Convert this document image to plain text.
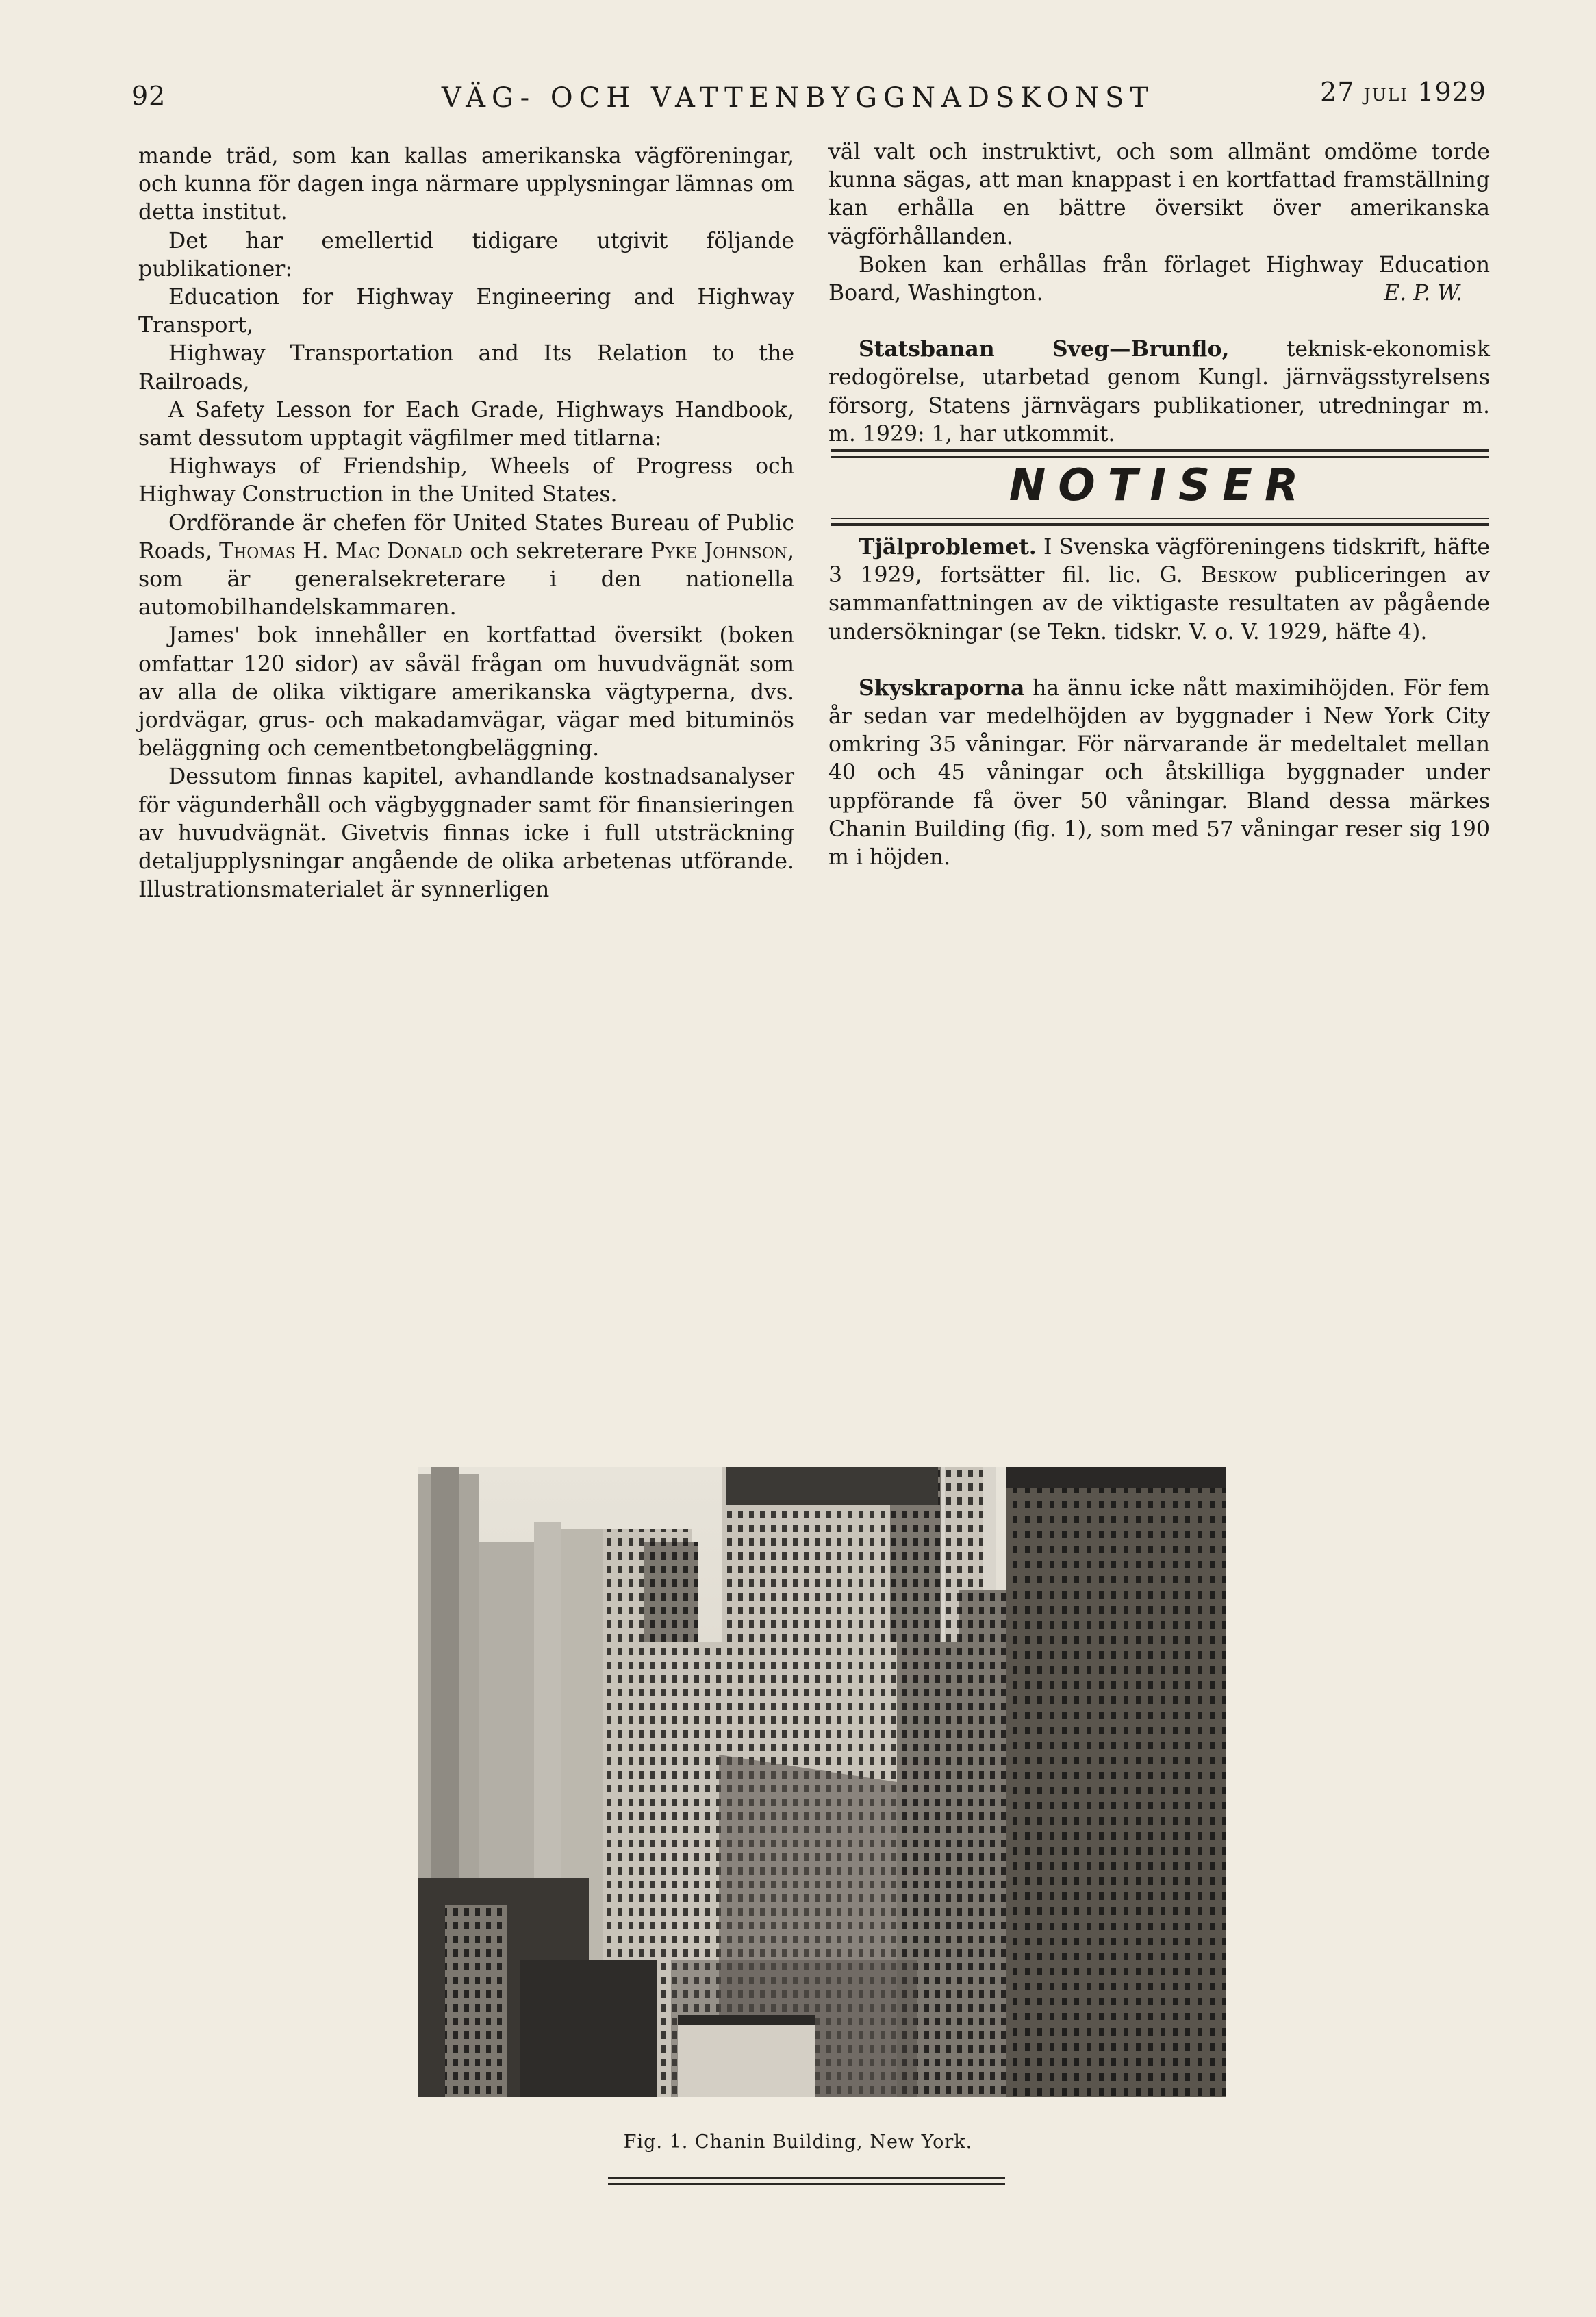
VÄG- OCH VATTENBYGGNADSKONST
92	27 juli 1929

mande träd, som kan kallas amerikanska vägföreningar, och kunna för dagen inga närmare upplysningar lämnas om detta institut.

Det har emellertid tidigare utgivit följande publikationer:

Education for Highway Engineering and Highway Transport,

Highway Transportation and Its Relation to the Railroads,

A Safety Lesson for Each Grade, Highways Handbook, samt dessutom upptagit vägfilmer med titlarna:

Highways of Friendship, Wheels of Progress och Highway Construction in the United States.

Ordförande är chefen för United States Bureau of Public Roads, Thomas H. Mac Donald och sekreterare Pyke Johnson, som är generalsekreterare i den nationella automobilhandelskammaren.

James' bok innehåller en kortfattad översikt (boken omfattar 120 sidor) av såväl frågan om huvudvägnät som av alla de olika viktigare amerikanska vägtyperna, dvs. jordvägar, grus- och makadamvägar, vägar med bituminös beläggning och cementbetongbeläggning.

Dessutom finnas kapitel, avhandlande kostnadsanalyser för vägunderhåll och vägbyggnader samt för finansieringen av huvudvägnät. Givetvis finnas icke i full utsträckning detaljupplysningar angående de olika arbetenas utförande. Illustrationsmaterialet är synnerligen

väl valt och instruktivt, och som allmänt omdöme torde kunna sägas, att man knappast i en kortfattad framställning kan erhålla en bättre översikt över amerikanska vägförhållanden.

Boken kan erhållas från förlaget Highway Education Board, Washington.	E. P. W.

Statsbanan Sveg—Brunflo,	teknisk-ekonomisk redogörelse, utarbetad genom Kungl. järnvägsstyrelsens försorg, Statens järnvägars publikationer, utredningar m. m. 1929: 1, har utkommit.

NOTISER

Tjälproblemet. I Svenska vägföreningens tidskrift, häfte 3 1929, fortsätter fil. lic. G. Beskow publiceringen av sammanfattningen av de viktigaste resultaten av pågående undersökningar (se Tekn. tidskr. V. o. V. 1929, häfte 4).

Skyskraporna ha ännu icke nått maximihöjden. För fem år sedan var medelhöjden av byggnader i New York City omkring 35 våningar. För närvarande är medeltalet mellan 40 och 45 våningar och åtskilliga byggnader under uppförande få över 50 våningar. Bland dessa märkes Chanin Building (fig. 1), som med 57 våningar reser sig 190 m i höjden.

Fig. 1. Chanin Building, New York.
